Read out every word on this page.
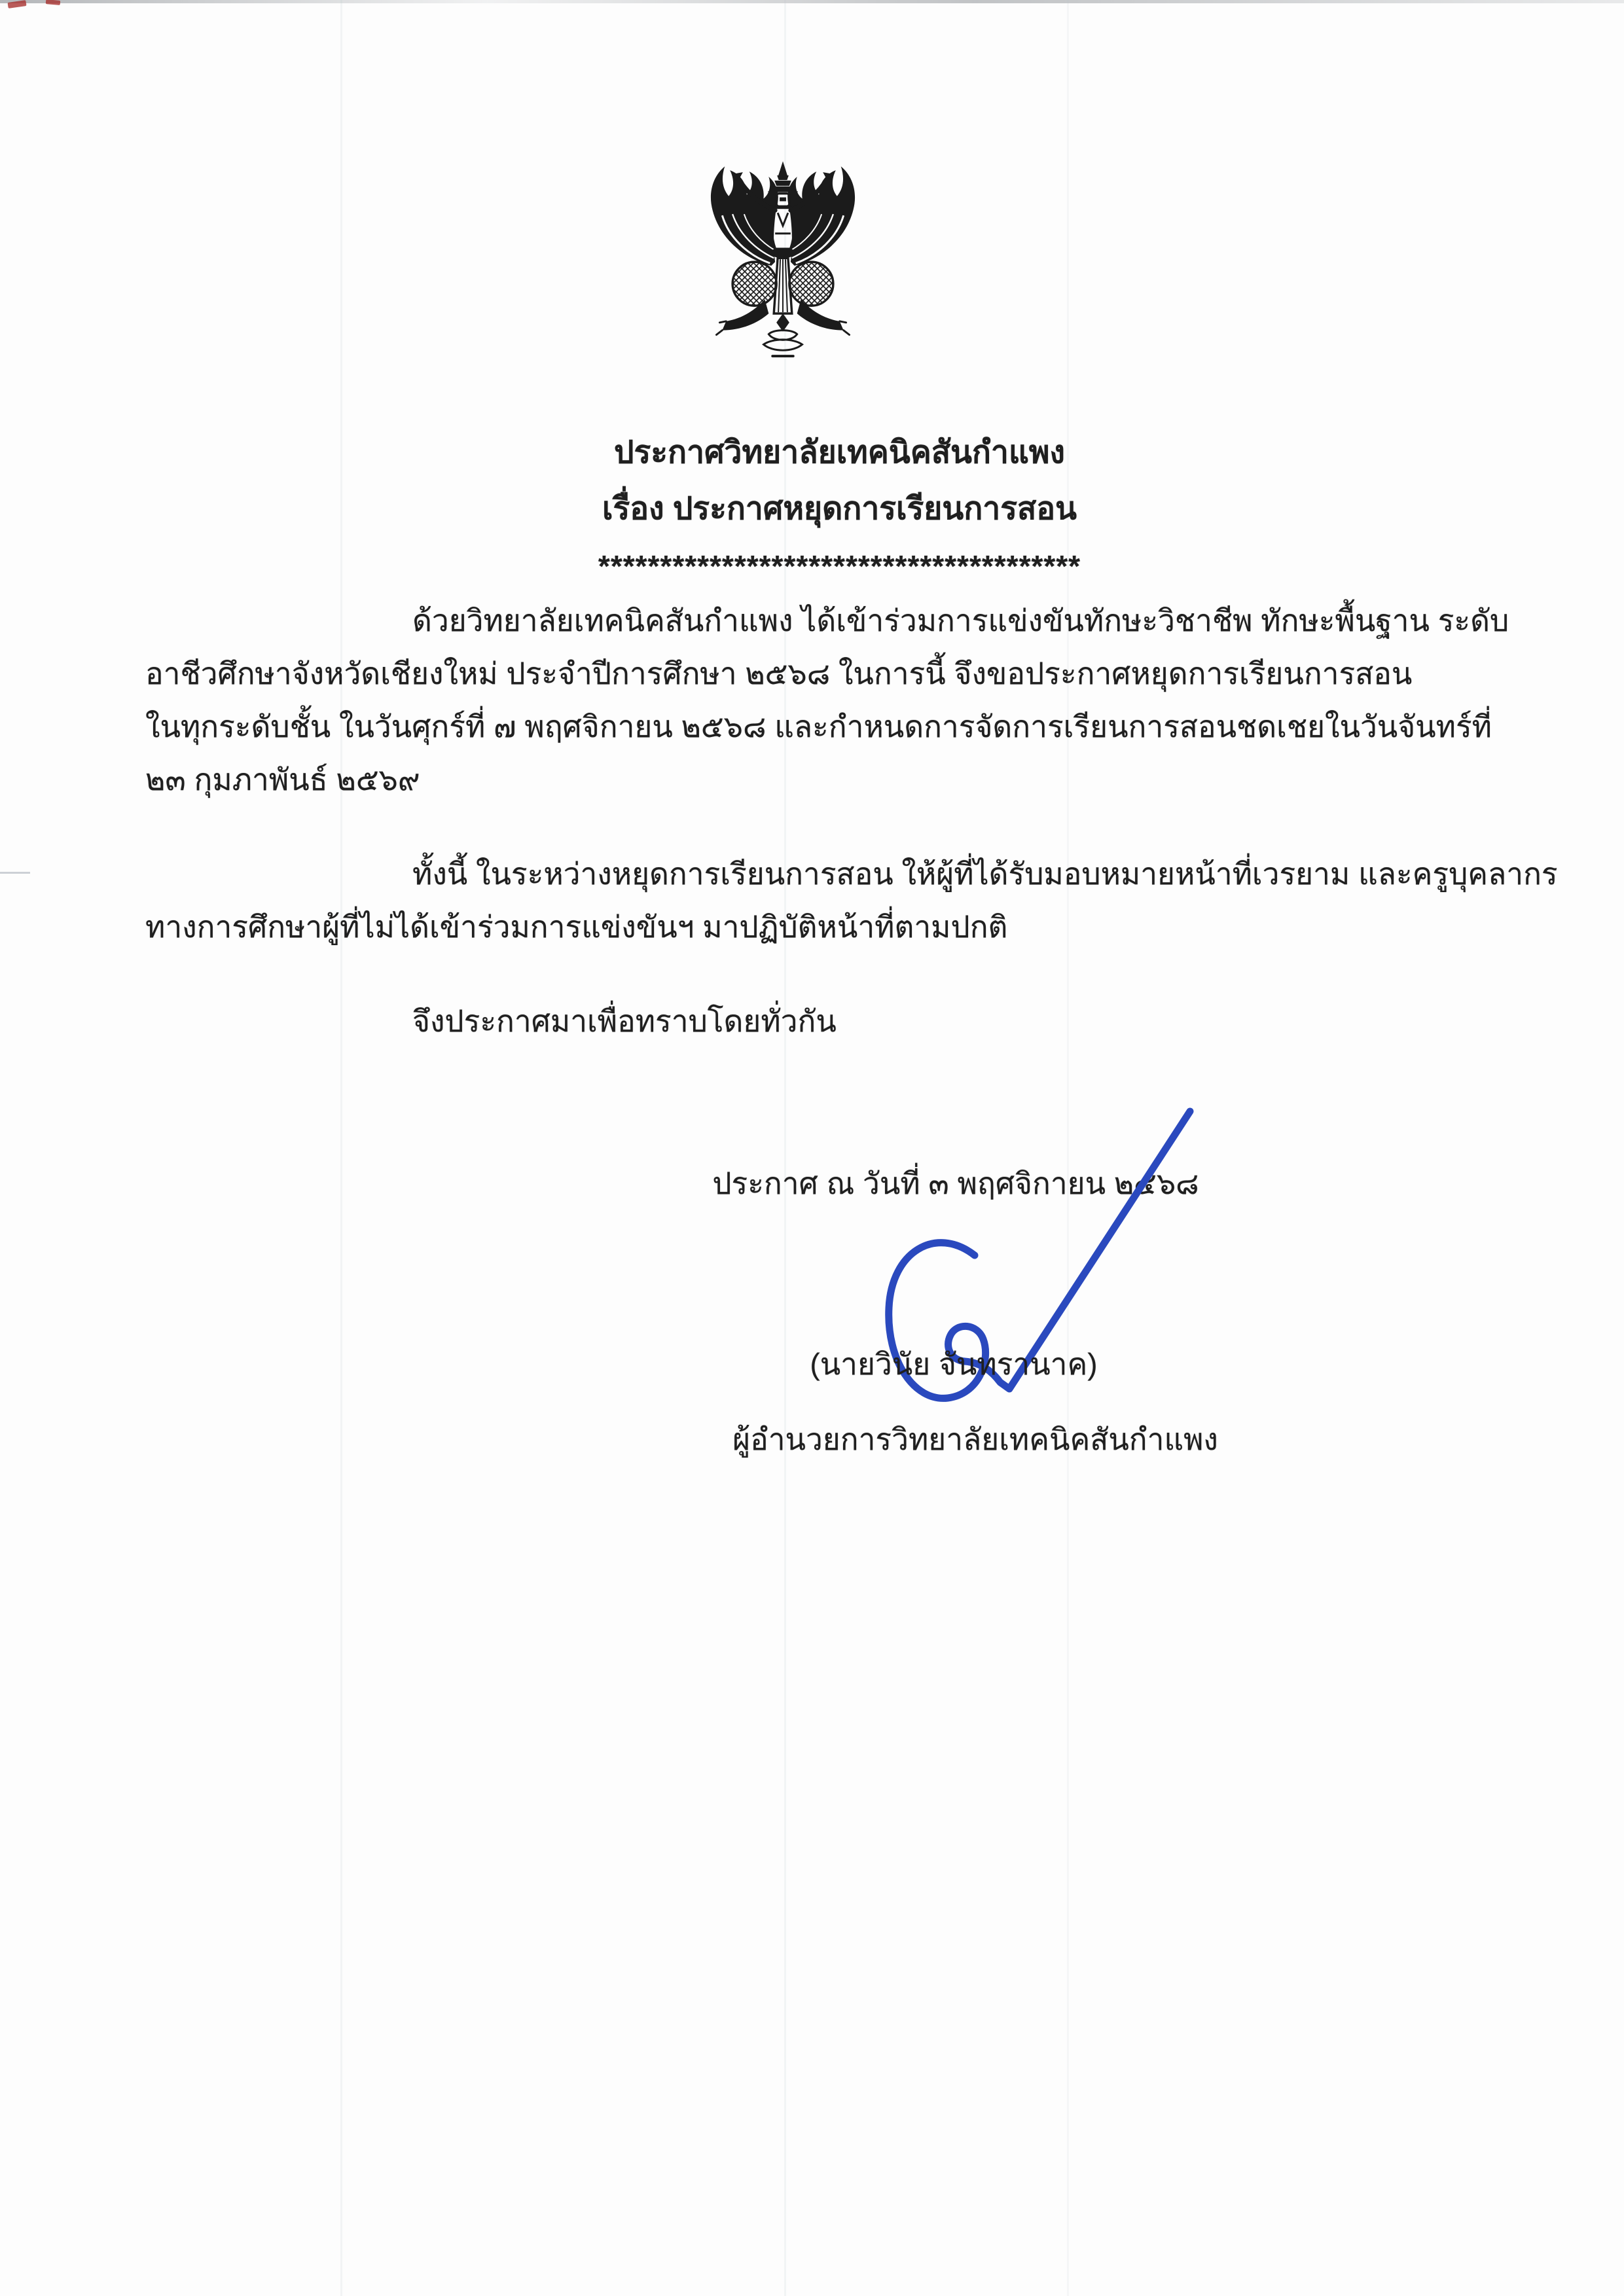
ประกาศวิทยาลัยเทคนิคสันกำแพง
เรื่อง ประกาศหยุดการเรียนการสอน
***************************************
ด้วยวิทยาลัยเทคนิคสันกำแพง ได้เข้าร่วมการแข่งขันทักษะวิชาชีพ ทักษะพื้นฐาน ระดับ
อาชีวศึกษาจังหวัดเชียงใหม่ ประจำปีการศึกษา ๒๕๖๘ ในการนี้ จึงขอประกาศหยุดการเรียนการสอน
ในทุกระดับชั้น ในวันศุกร์ที่ ๗ พฤศจิกายน ๒๕๖๘ และกำหนดการจัดการเรียนการสอนชดเชยในวันจันทร์ที่
๒๓ กุมภาพันธ์ ๒๕๖๙
ทั้งนี้ ในระหว่างหยุดการเรียนการสอน ให้ผู้ที่ได้รับมอบหมายหน้าที่เวรยาม และครูบุคลากร
ทางการศึกษาผู้ที่ไม่ได้เข้าร่วมการแข่งขันฯ มาปฏิบัติหน้าที่ตามปกติ
จึงประกาศมาเพื่อทราบโดยทั่วกัน
ประกาศ ณ วันที่ ๓ พฤศจิกายน ๒๕๖๘
(นายวินัย จันทรานาค)
ผู้อำนวยการวิทยาลัยเทคนิคสันกำแพง
